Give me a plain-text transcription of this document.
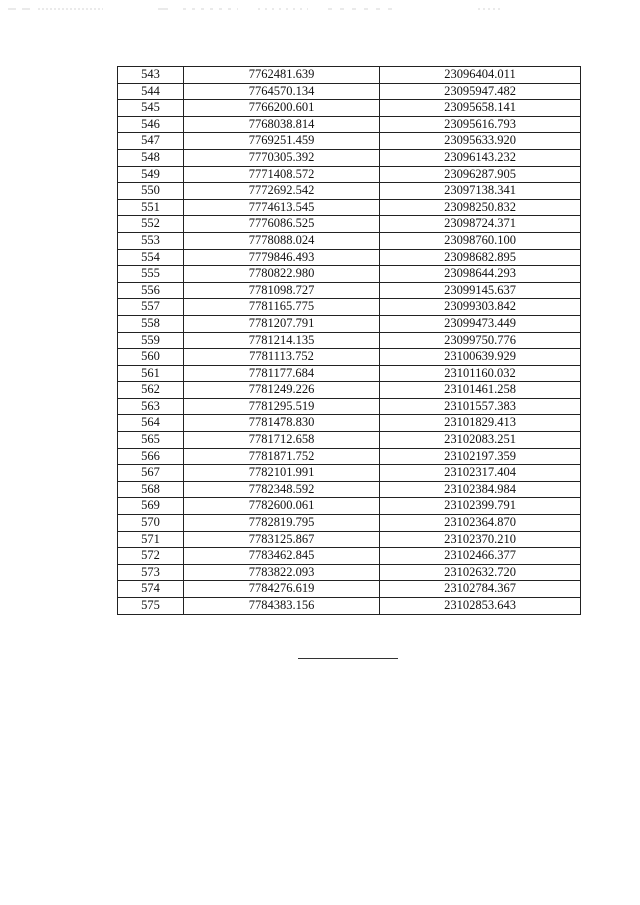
543	7762481.639	23096404.011
544	7764570.134	23095947.482
545	7766200.601	23095658.141
546	7768038.814	23095616.793
547	7769251.459	23095633.920
548	7770305.392	23096143.232
549	7771408.572	23096287.905
550	7772692.542	23097138.341
551	7774613.545	23098250.832
552	7776086.525	23098724.371
553	7778088.024	23098760.100
554	7779846.493	23098682.895
555	7780822.980	23098644.293
556	7781098.727	23099145.637
557	7781165.775	23099303.842
558	7781207.791	23099473.449
559	7781214.135	23099750.776
560	7781113.752	23100639.929
561	7781177.684	23101160.032
562	7781249.226	23101461.258
563	7781295.519	23101557.383
564	7781478.830	23101829.413
565	7781712.658	23102083.251
566	7781871.752	23102197.359
567	7782101.991	23102317.404
568	7782348.592	23102384.984
569	7782600.061	23102399.791
570	7782819.795	23102364.870
571	7783125.867	23102370.210
572	7783462.845	23102466.377
573	7783822.093	23102632.720
574	7784276.619	23102784.367
575	7784383.156	23102853.643
